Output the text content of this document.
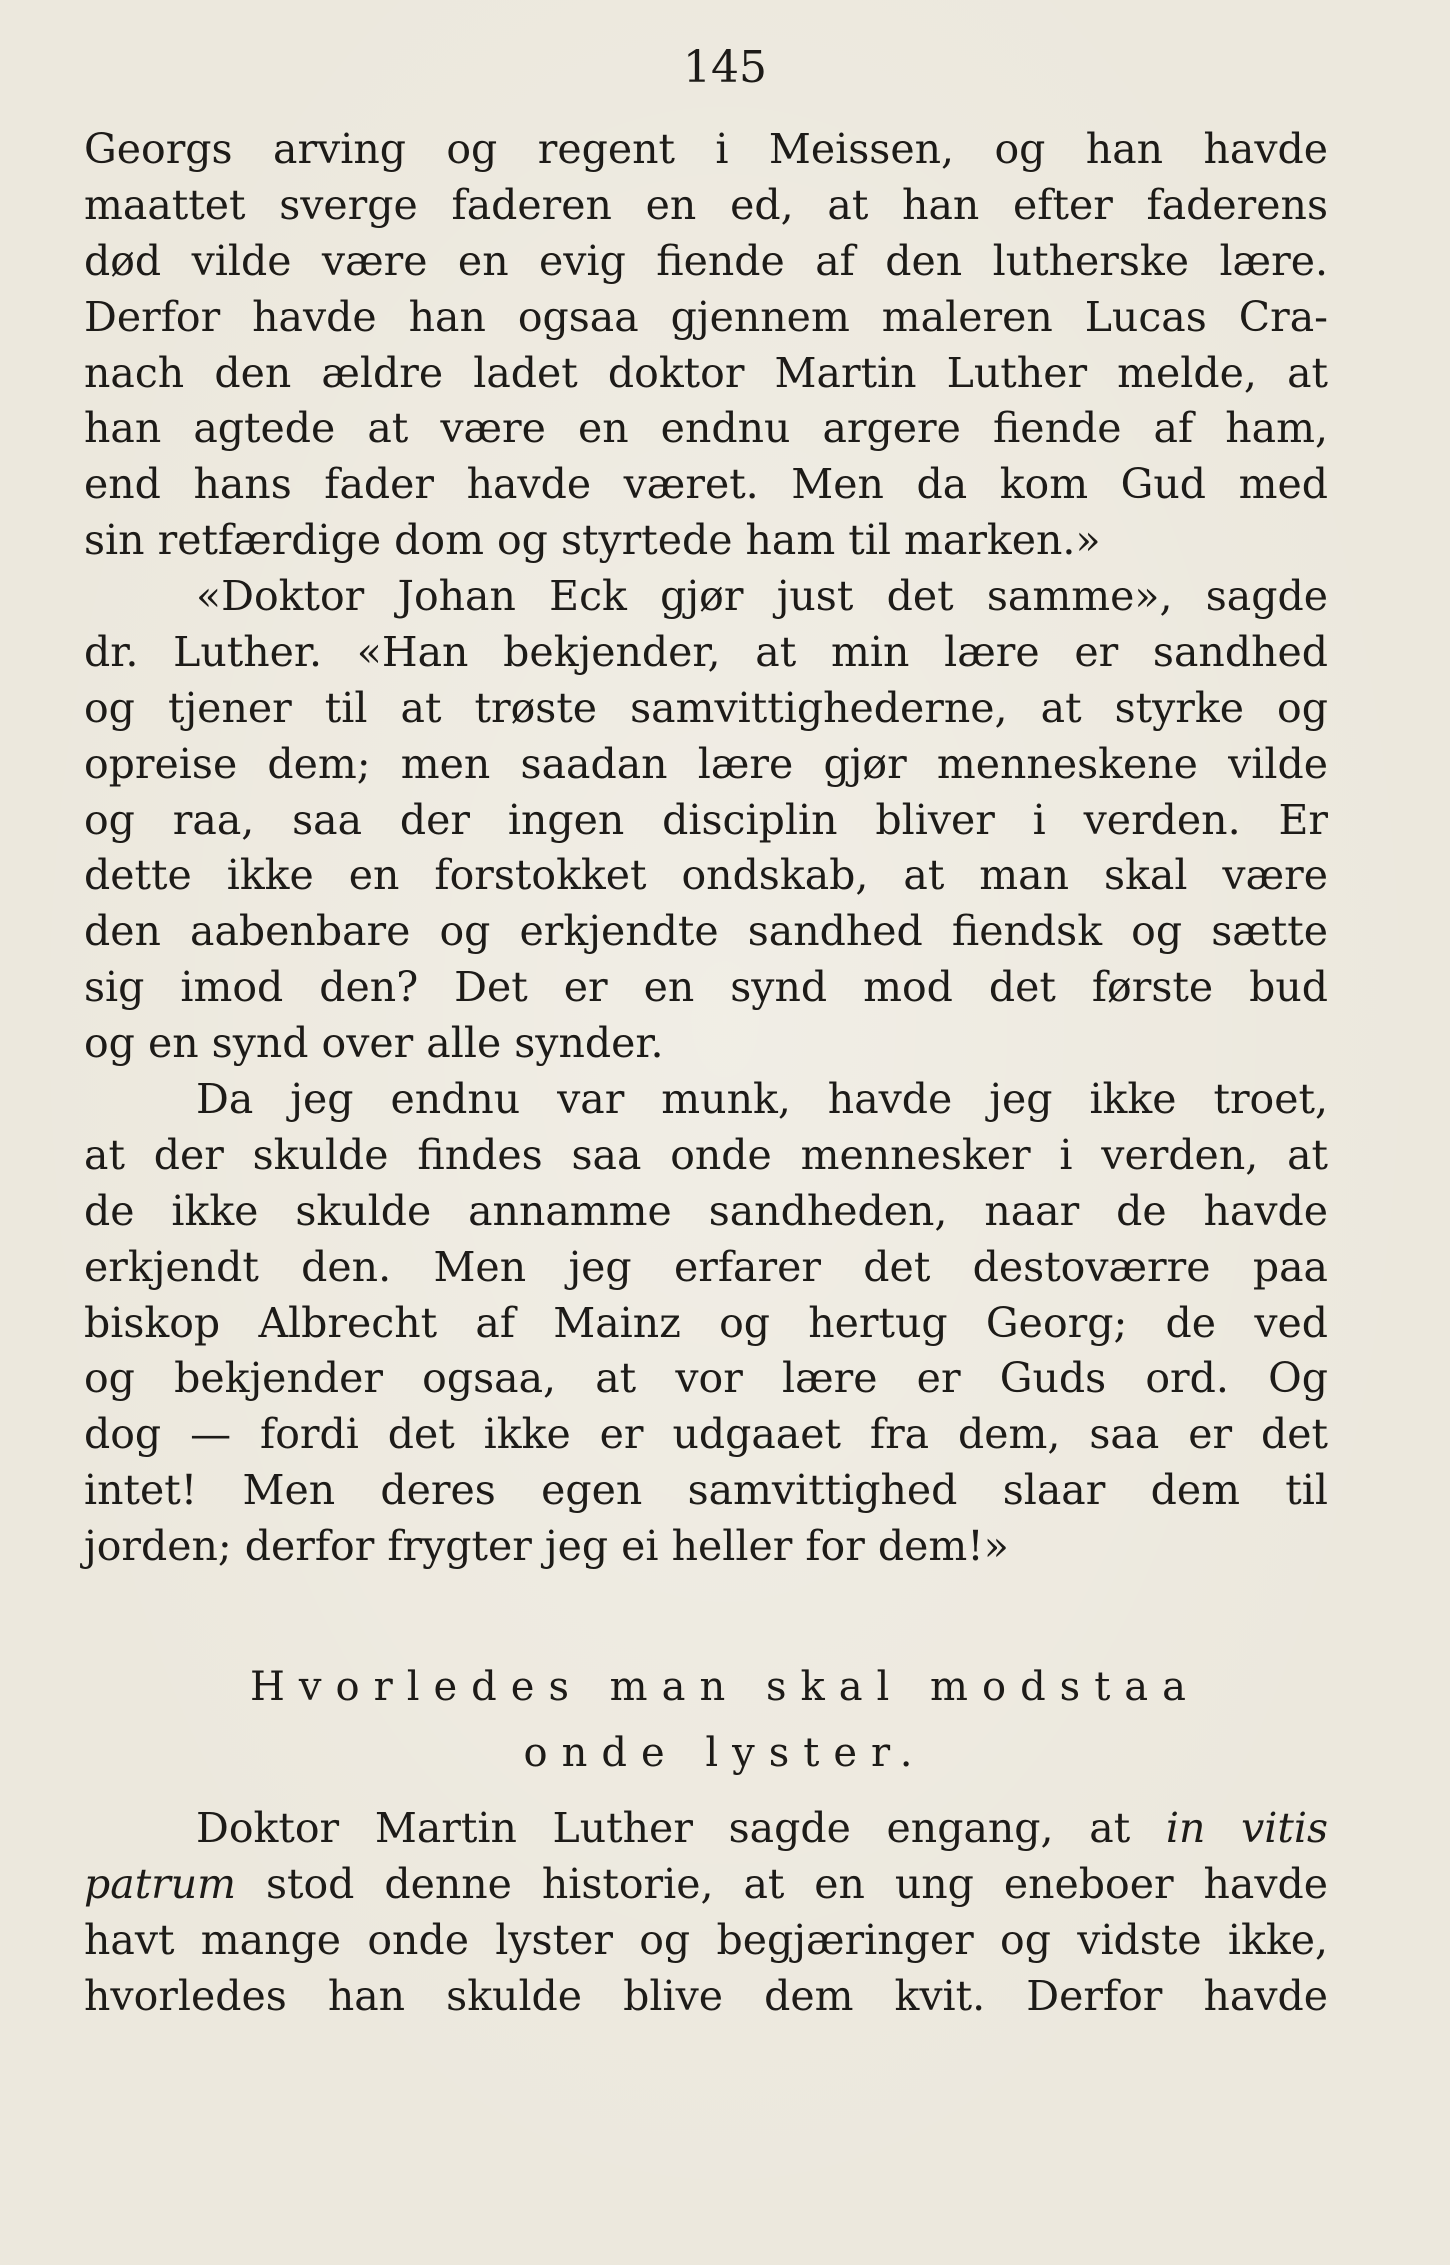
145
Georgs arving og regent i Meissen, og han havde
maattet sverge faderen en ed, at han efter faderens
død vilde være en evig fiende af den lutherske lære.
Derfor havde han ogsaa gjennem maleren Lucas Cra-
nach den ældre ladet doktor Martin Luther melde, at
han agtede at være en endnu argere fiende af ham,
end hans fader havde været. Men da kom Gud med
sin retfærdige dom og styrtede ham til marken.»
«Doktor Johan Eck gjør just det samme», sagde
dr. Luther. «Han bekjender, at min lære er sandhed
og tjener til at trøste samvittighederne, at styrke og
opreise dem; men saadan lære gjør menneskene vilde
og raa, saa der ingen disciplin bliver i verden. Er
dette ikke en forstokket ondskab, at man skal være
den aabenbare og erkjendte sandhed fiendsk og sætte
sig imod den? Det er en synd mod det første bud
og en synd over alle synder.
Da jeg endnu var munk, havde jeg ikke troet,
at der skulde findes saa onde mennesker i verden, at
de ikke skulde annamme sandheden, naar de havde
erkjendt den. Men jeg erfarer det destoværre paa
biskop Albrecht af Mainz og hertug Georg; de ved
og bekjender ogsaa, at vor lære er Guds ord. Og
dog — fordi det ikke er udgaaet fra dem, saa er det
intet! Men deres egen samvittighed slaar dem til
jorden; derfor frygter jeg ei heller for dem!»
Hvorledes man skal modstaa
onde lyster.
Doktor Martin Luther sagde engang, at in vitis
patrum stod denne historie, at en ung eneboer havde
havt mange onde lyster og begjæringer og vidste ikke,
hvorledes han skulde blive dem kvit. Derfor havde
